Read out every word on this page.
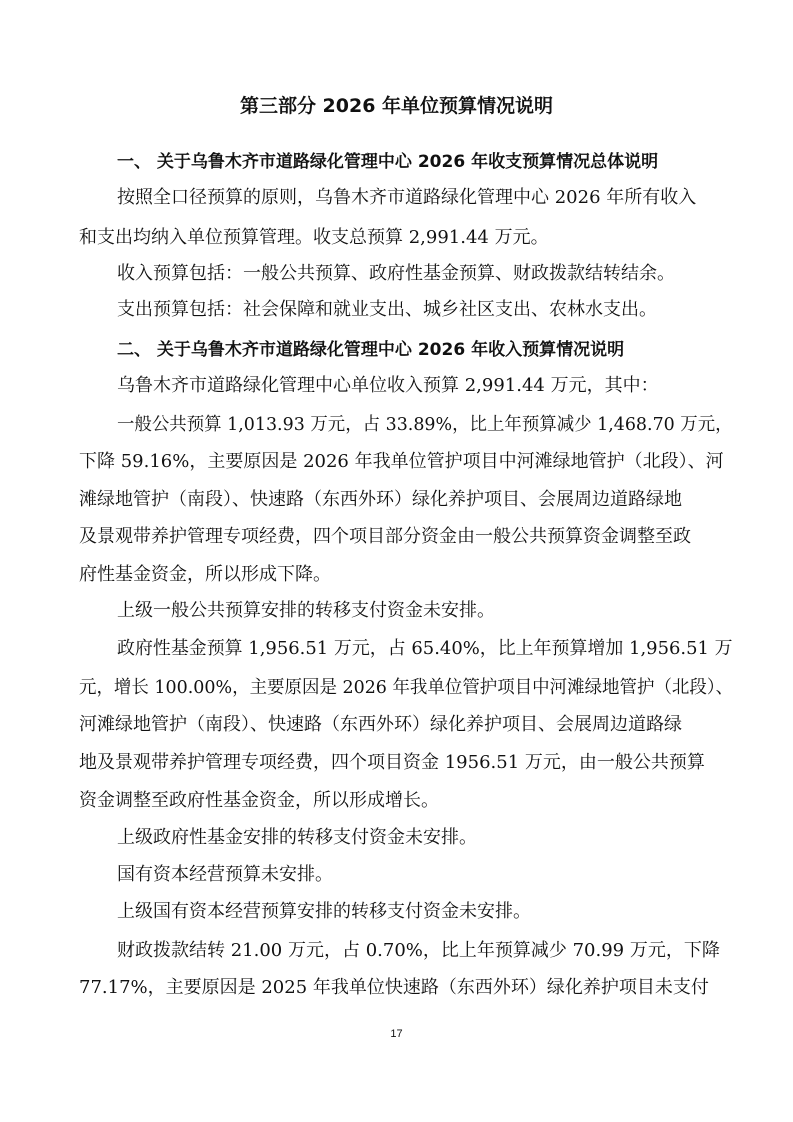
第三部分 2026 年单位预算情况说明
一、 关于乌鲁木齐市道路绿化管理中心 2026 年收支预算情况总体说明
按照全口径预算的原则，乌鲁木齐市道路绿化管理中心 2026 年所有收入
和支出均纳入单位预算管理。收支总预算 2,991.44 万元。
收入预算包括：一般公共预算、政府性基金预算、财政拨款结转结余。
支出预算包括：社会保障和就业支出、城乡社区支出、农林水支出。
二、 关于乌鲁木齐市道路绿化管理中心 2026 年收入预算情况说明
乌鲁木齐市道路绿化管理中心单位收入预算 2,991.44 万元，其中：
一般公共预算 1,013.93 万元，占 33.89%，比上年预算减少 1,468.70 万元，
下降 59.16%，主要原因是 2026 年我单位管护项目中河滩绿地管护（北段）、河
滩绿地管护（南段）、快速路（东西外环）绿化养护项目、会展周边道路绿地
及景观带养护管理专项经费，四个项目部分资金由一般公共预算资金调整至政
府性基金资金，所以形成下降。
上级一般公共预算安排的转移支付资金未安排。
政府性基金预算 1,956.51 万元，占 65.40%，比上年预算增加 1,956.51 万
元，增长 100.00%，主要原因是 2026 年我单位管护项目中河滩绿地管护（北段）、
河滩绿地管护（南段）、快速路（东西外环）绿化养护项目、会展周边道路绿
地及景观带养护管理专项经费，四个项目资金 1956.51 万元，由一般公共预算
资金调整至政府性基金资金，所以形成增长。
上级政府性基金安排的转移支付资金未安排。
国有资本经营预算未安排。
上级国有资本经营预算安排的转移支付资金未安排。
财政拨款结转 21.00 万元，占 0.70%，比上年预算减少 70.99 万元，下降
77.17%，主要原因是 2025 年我单位快速路（东西外环）绿化养护项目未支付
17
